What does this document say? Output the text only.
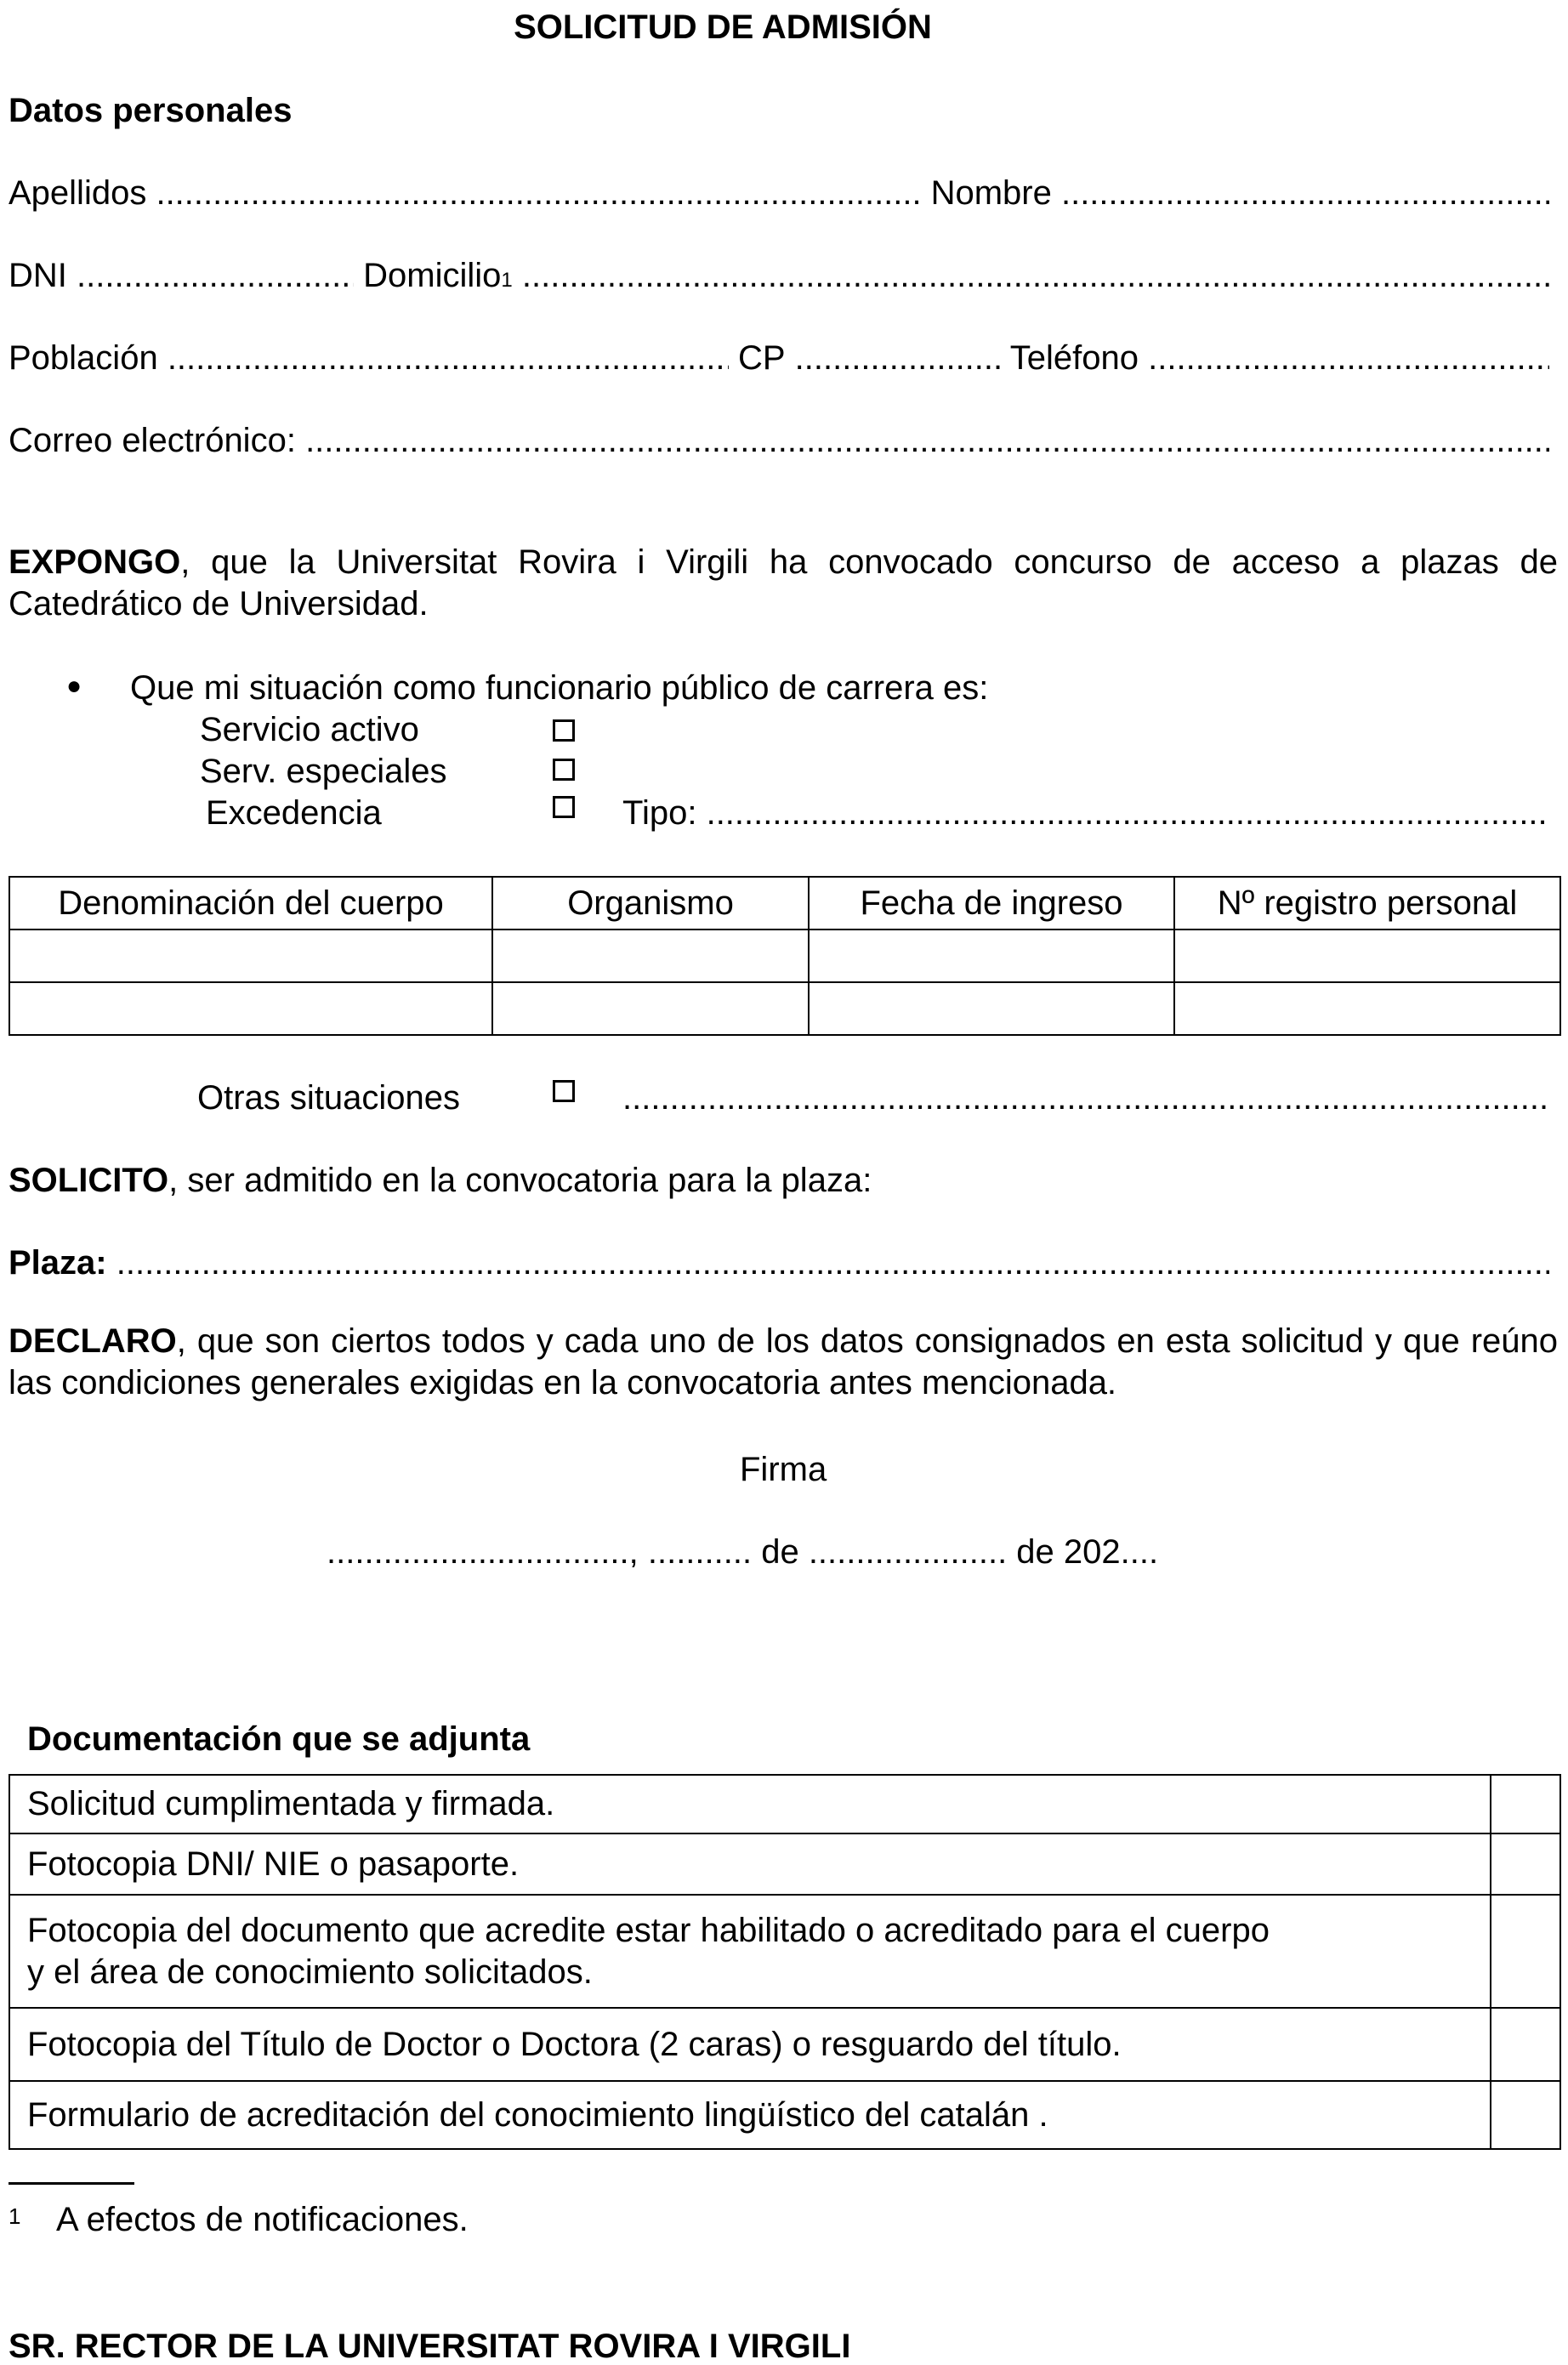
SOLICITUD DE ADMISIÓN
Datos personales
Apellidos
.....
	Nombre

.....
DNI
.....
	Domicilio 1

.....
Población
.....
	CP
.....
	Teléfono

.....
Correo electrónico:

.....
EXPONGO, que la Universitat Rovira i Virgili ha convocado concurso de acceso a plazas de Catedrático de Universidad.
● Que mi situación como funcionario público de carrera es:
Servicio activo
Serv. especiales
Excedencia	Tipo:

.....
Denominación del cuerpo	Organismo	Fecha de ingreso	Nº registro personal

Otras situaciones
.....
SOLICITO, ser admitido en la convocatoria para la plaza:
Plaza:

.....
DECLARO, que son ciertos todos y cada uno de los datos consignados en esta solicitud y que reúno las condiciones generales exigidas en la convocatoria antes mencionada.
Firma
................................, ........... de ..................... de 202....
Documentación que se adjunta
Solicitud cumplimentada y firmada.	
Fotocopia DNI/ NIE o pasaporte.	
Fotocopia del documento que acredite estar habilitado o acreditado para el cuerpo y el área de conocimiento solicitados.	
Fotocopia del Título de Doctor o Doctora (2 caras) o resguardo del título.	
Formulario de acreditación del conocimiento lingüístico del catalán .	
1 A efectos de notificaciones.
SR. RECTOR DE LA UNIVERSITAT ROVIRA I VIRGILI
